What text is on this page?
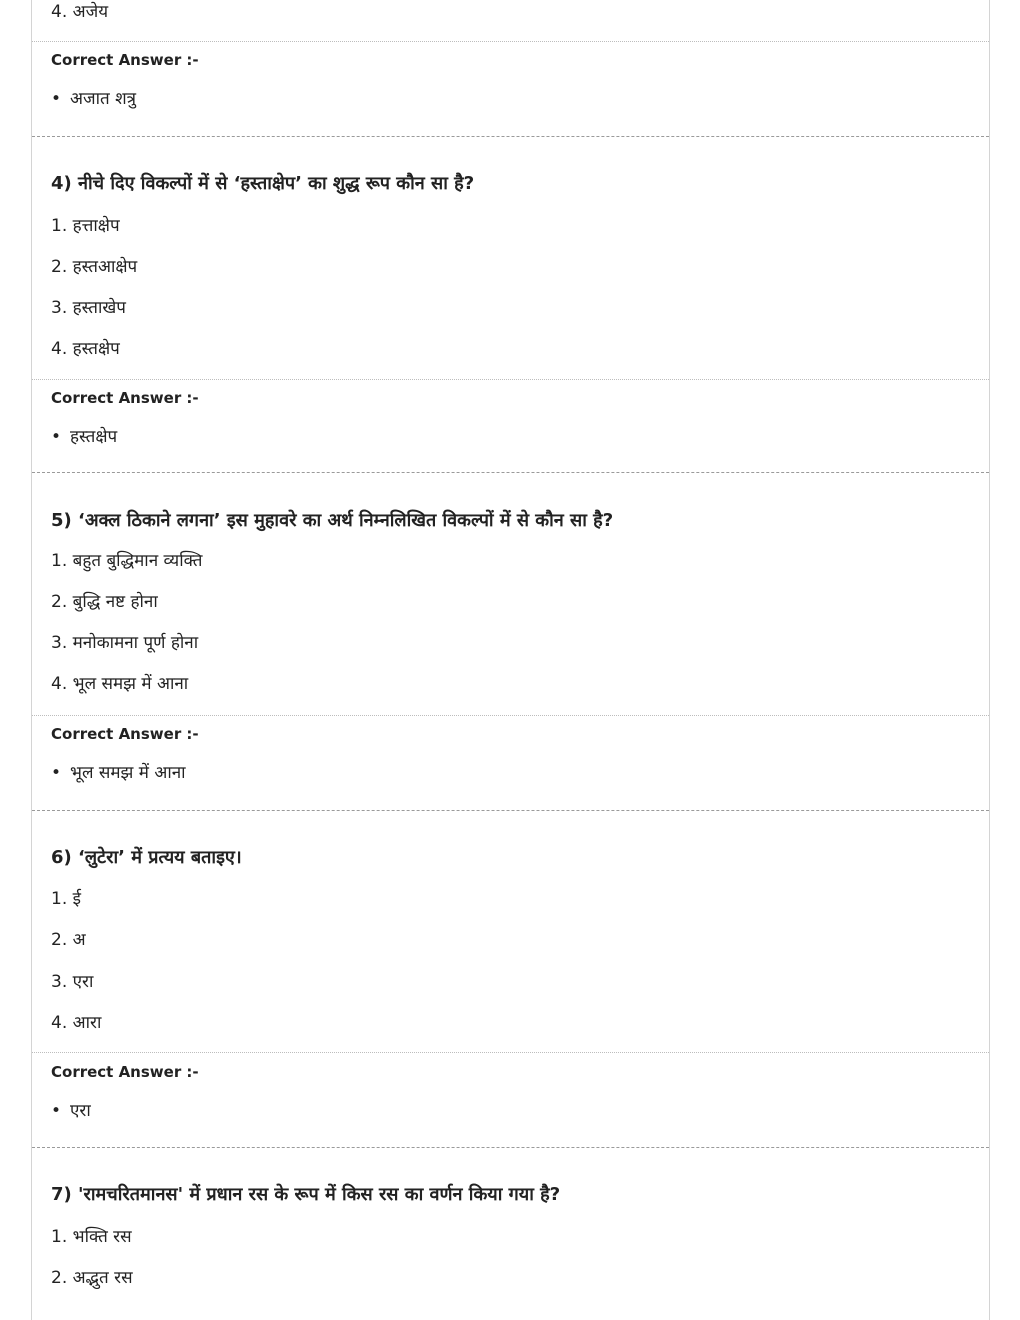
4. अजेय
Correct Answer :-
• अजात शत्रु
4) नीचे दिए विकल्पों में से ‘हस्ताक्षेप’ का शुद्ध रूप कौन सा है?
1. हत्ताक्षेप
2. हस्तआक्षेप
3. हस्ताखेप
4. हस्तक्षेप
Correct Answer :-
• हस्तक्षेप
5) ‘अक्ल ठिकाने लगना’ इस मुहावरे का अर्थ निम्नलिखित विकल्पों में से कौन सा है?
1. बहुत बुद्धिमान व्यक्ति
2. बुद्धि नष्ट होना
3. मनोकामना पूर्ण होना
4. भूल समझ में आना
Correct Answer :-
• भूल समझ में आना
6) ‘लुटेरा’ में प्रत्यय बताइए।
1. ई
2. अ
3. एरा
4. आरा
Correct Answer :-
• एरा
7) 'रामचरितमानस' में प्रधान रस के रूप में किस रस का वर्णन किया गया है?
1. भक्ति रस
2. अद्भुत रस
